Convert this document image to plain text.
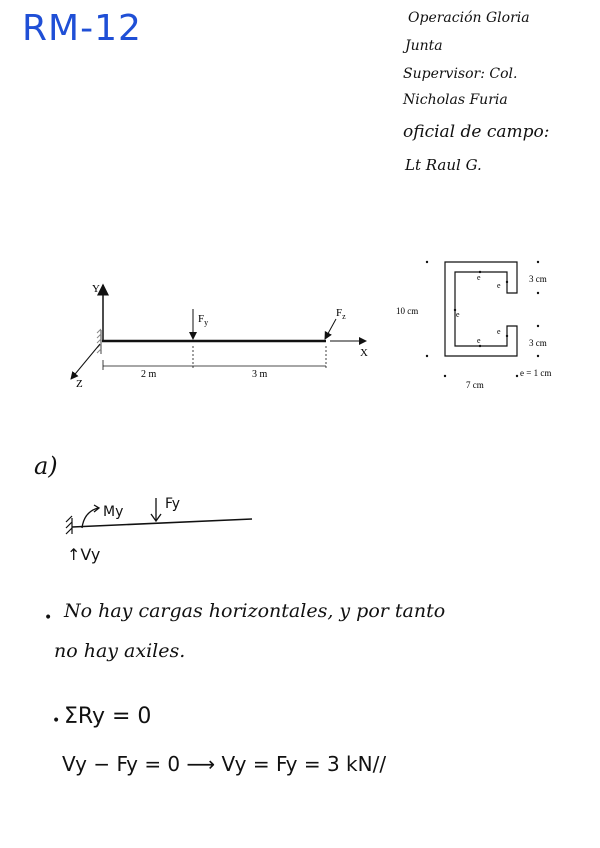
RM-12	Operación Gloria
Junta
Supervisor: Col.
Nicholas Furia
oficial de campo:
Lt Raul G.
Y
X
Z
$F_y$
$F_z$
2 m	3 m
10 cm
7 cm
3 cm
3 cm
e
e
e
e
e
e = 1 cm
a)
My	Fy
↑Vy
• No hay cargas horizontales, y por tanto
no hay axiles.
• ΣRy = 0
Vy − Fy = 0 ⟶ Vy = Fy = 3 kN//
